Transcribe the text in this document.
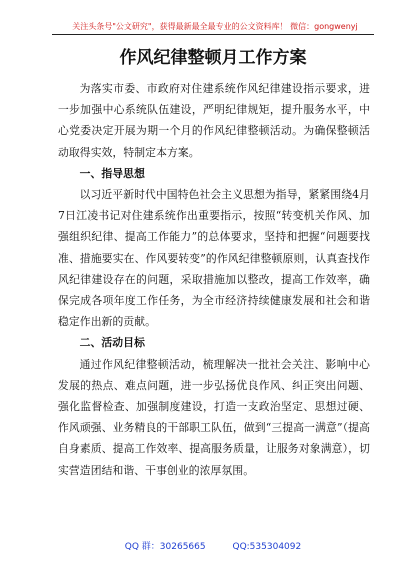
关注头条号"公文研究"，获得最新最全最专业的公文资料库！ 微信：gongwenyj
作风纪律整顿月工作方案

为落实市委、市政府对住建系统作风纪律建设指示要求，进一步加强中心系统队伍建设，严明纪律规矩，提升服务水平，中心党委决定开展为期一个月的作风纪律整顿活动。为确保整顿活动取得实效，特制定本方案。

一、指导思想

以习近平新时代中国特色社会主义思想为指导，紧紧围绕4月7日江凌书记对住建系统作出重要指示，按照“转变机关作风、加强组织纪律、提高工作能力”的总体要求，坚持和把握“问题要找准、措施要实在、作风要转变”的作风纪律整顿原则，认真查找作风纪律建设存在的问题，采取措施加以整改，提高工作效率，确保完成各项年度工作任务，为全市经济持续健康发展和社会和谐稳定作出新的贡献。

二、活动目标

通过作风纪律整顿活动，梳理解决一批社会关注、影响中心发展的热点、难点问题，进一步弘扬优良作风、纠正突出问题、强化监督检查、加强制度建设，打造一支政治坚定、思想过硬、作风顽强、业务精良的干部职工队伍，做到“三提高一满意”（提高自身素质、提高工作效率、提高服务质量，让服务对象满意），切实营造团结和谐、干事创业的浓厚氛围。

QQ 群：30265665	QQ:535304092
